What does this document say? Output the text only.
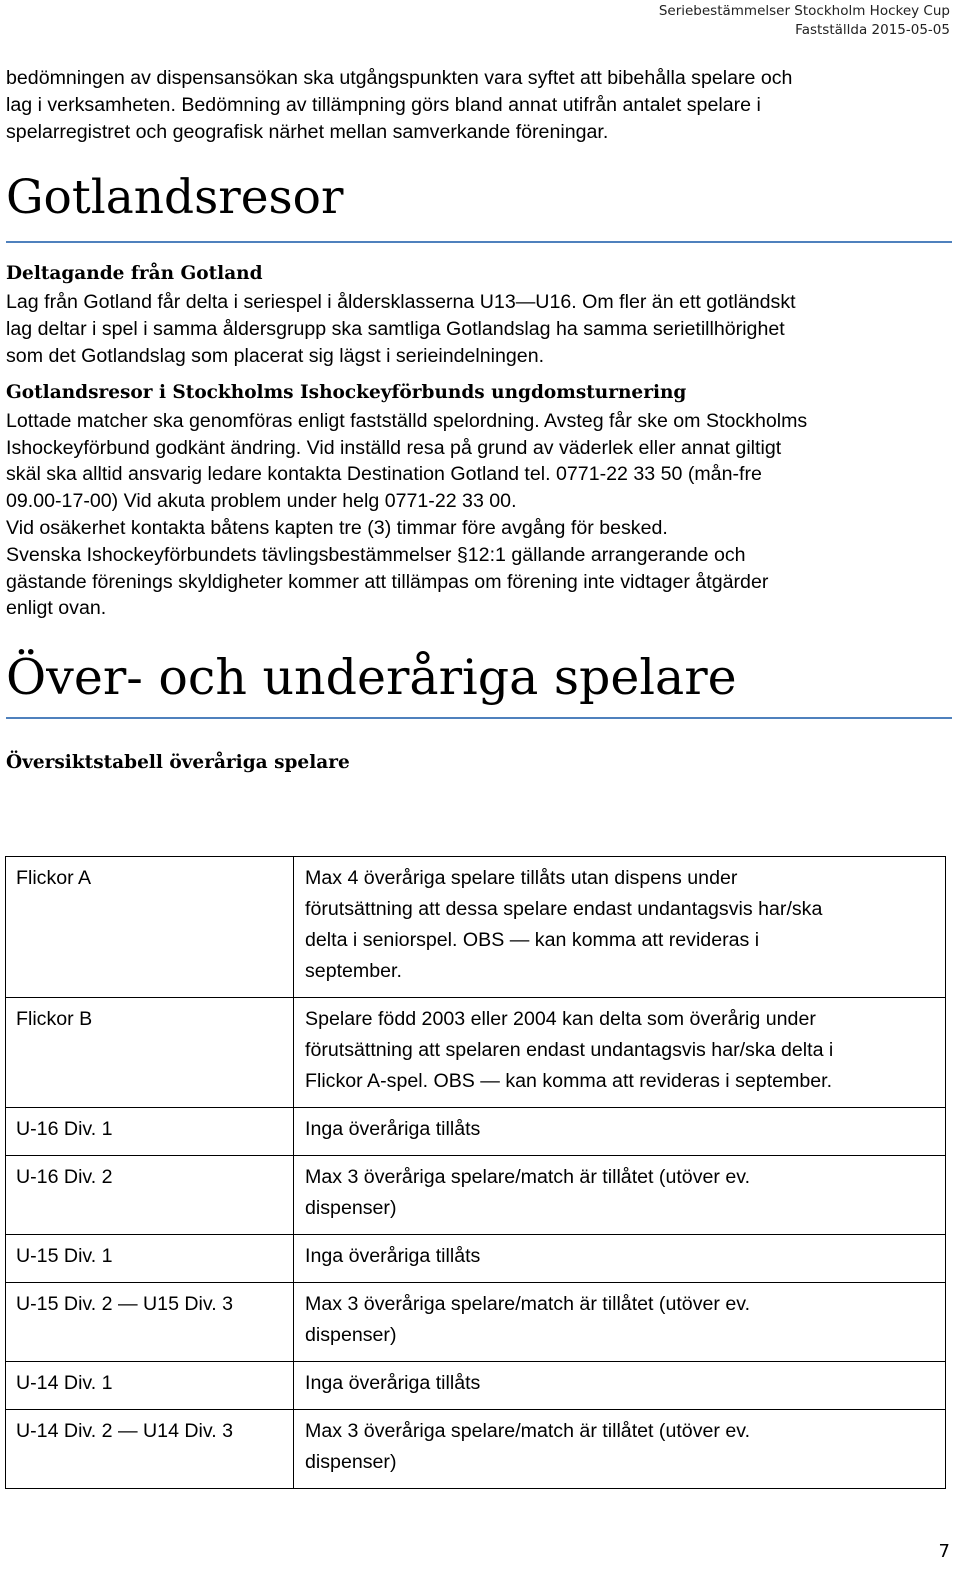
Seriebestämmelser Stockholm Hockey Cup
Fastställda 2015-05-05
bedömningen av dispensansökan ska utgångspunkten vara syftet att bibehålla spelare och
lag i verksamheten. Bedömning av tillämpning görs bland annat utifrån antalet spelare i
spelarregistret och geografisk närhet mellan samverkande föreningar.
Gotlandsresor
Deltagande från Gotland
Lag från Gotland får delta i seriespel i åldersklasserna U13—U16. Om fler än ett gotländskt
lag deltar i spel i samma åldersgrupp ska samtliga Gotlandslag ha samma serietillhörighet
som det Gotlandslag som placerat sig lägst i serieindelningen.
Gotlandsresor i Stockholms Ishockeyförbunds ungdomsturnering
Lottade matcher ska genomföras enligt fastställd spelordning. Avsteg får ske om Stockholms
Ishockeyförbund godkänt ändring. Vid inställd resa på grund av väderlek eller annat giltigt
skäl ska alltid ansvarig ledare kontakta Destination Gotland tel. 0771-22 33 50 (mån-fre
09.00-17-00) Vid akuta problem under helg 0771-22 33 00.
Vid osäkerhet kontakta båtens kapten tre (3) timmar före avgång för besked.
Svenska Ishockeyförbundets tävlingsbestämmelser §12:1 gällande arrangerande och
gästande förenings skyldigheter kommer att tillämpas om förening inte vidtager åtgärder
enligt ovan.
Över- och underåriga spelare
Översiktstabell överåriga spelare
Flickor A	Max 4 överåriga spelare tillåts utan dispens under
förutsättning att dessa spelare endast undantagsvis har/ska
delta i seniorspel. OBS — kan komma att revideras i
september.

Flickor B	Spelare född 2003 eller 2004 kan delta som överårig under
förutsättning att spelaren endast undantagsvis har/ska delta i
Flickor A-spel. OBS — kan komma att revideras i september.

U-16 Div. 1	Inga överåriga tillåts

U-16 Div. 2	Max 3 överåriga spelare/match är tillåtet (utöver ev.
dispenser)

U-15 Div. 1	Inga överåriga tillåts

U-15 Div. 2 — U15 Div. 3	Max 3 överåriga spelare/match är tillåtet (utöver ev.
dispenser)

U-14 Div. 1	Inga överåriga tillåts

U-14 Div. 2 — U14 Div. 3	Max 3 överåriga spelare/match är tillåtet (utöver ev.
dispenser)
7
